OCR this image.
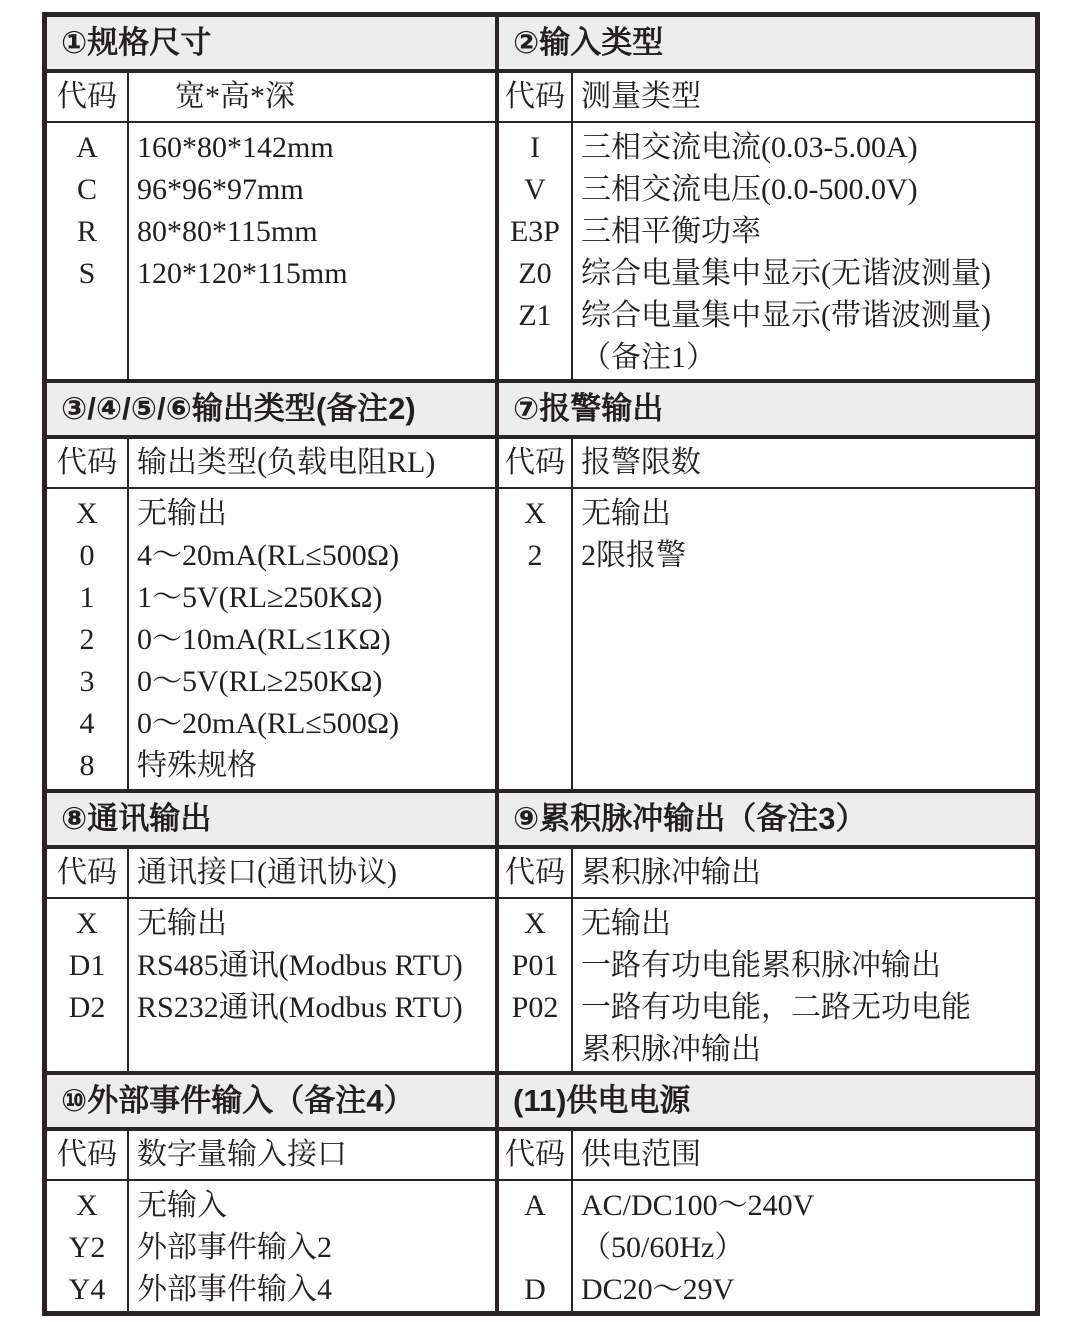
①规格尺寸
代码
A
C
R
S
宽*高*深
160*80*142mm
96*96*97mm
80*80*115mm
120*120*115mm
②输入类型
代码
I
V
E3P
Z0
Z1
测量类型
三相交流电流(0.03-5.00A)
三相交流电压(0.0-500.0V)
三相平衡功率
综合电量集中显示(无谐波测量)
综合电量集中显示(带谐波测量)
（备注1）
③/④/⑤/⑥输出类型(备注2)
代码
X
0
1
2
3
4
8
输出类型(负载电阻RL)
无输出
4～20mA(RL≤500Ω)
1～5V(RL≥250KΩ)
0～10mA(RL≤1KΩ)
0～5V(RL≥250KΩ)
0～20mA(RL≤500Ω)
特殊规格
⑦报警输出
代码
X
2
报警限数
无输出
2限报警
⑧通讯输出
代码
X
D1
D2
通讯接口(通讯协议)
无输出
RS485通讯(Modbus RTU)
RS232通讯(Modbus RTU)
⑨累积脉冲输出（备注3）
代码
X
P01
P02
累积脉冲输出
无输出
一路有功电能累积脉冲输出
一路有功电能，二路无功电能
累积脉冲输出
⑩外部事件输入（备注4）
代码
X
Y2
Y4
数字量输入接口
无输入
外部事件输入2
外部事件输入4
(11)供电电源
代码
A
D
供电范围
AC/DC100～240V
（50/60Hz）
DC20～29V
